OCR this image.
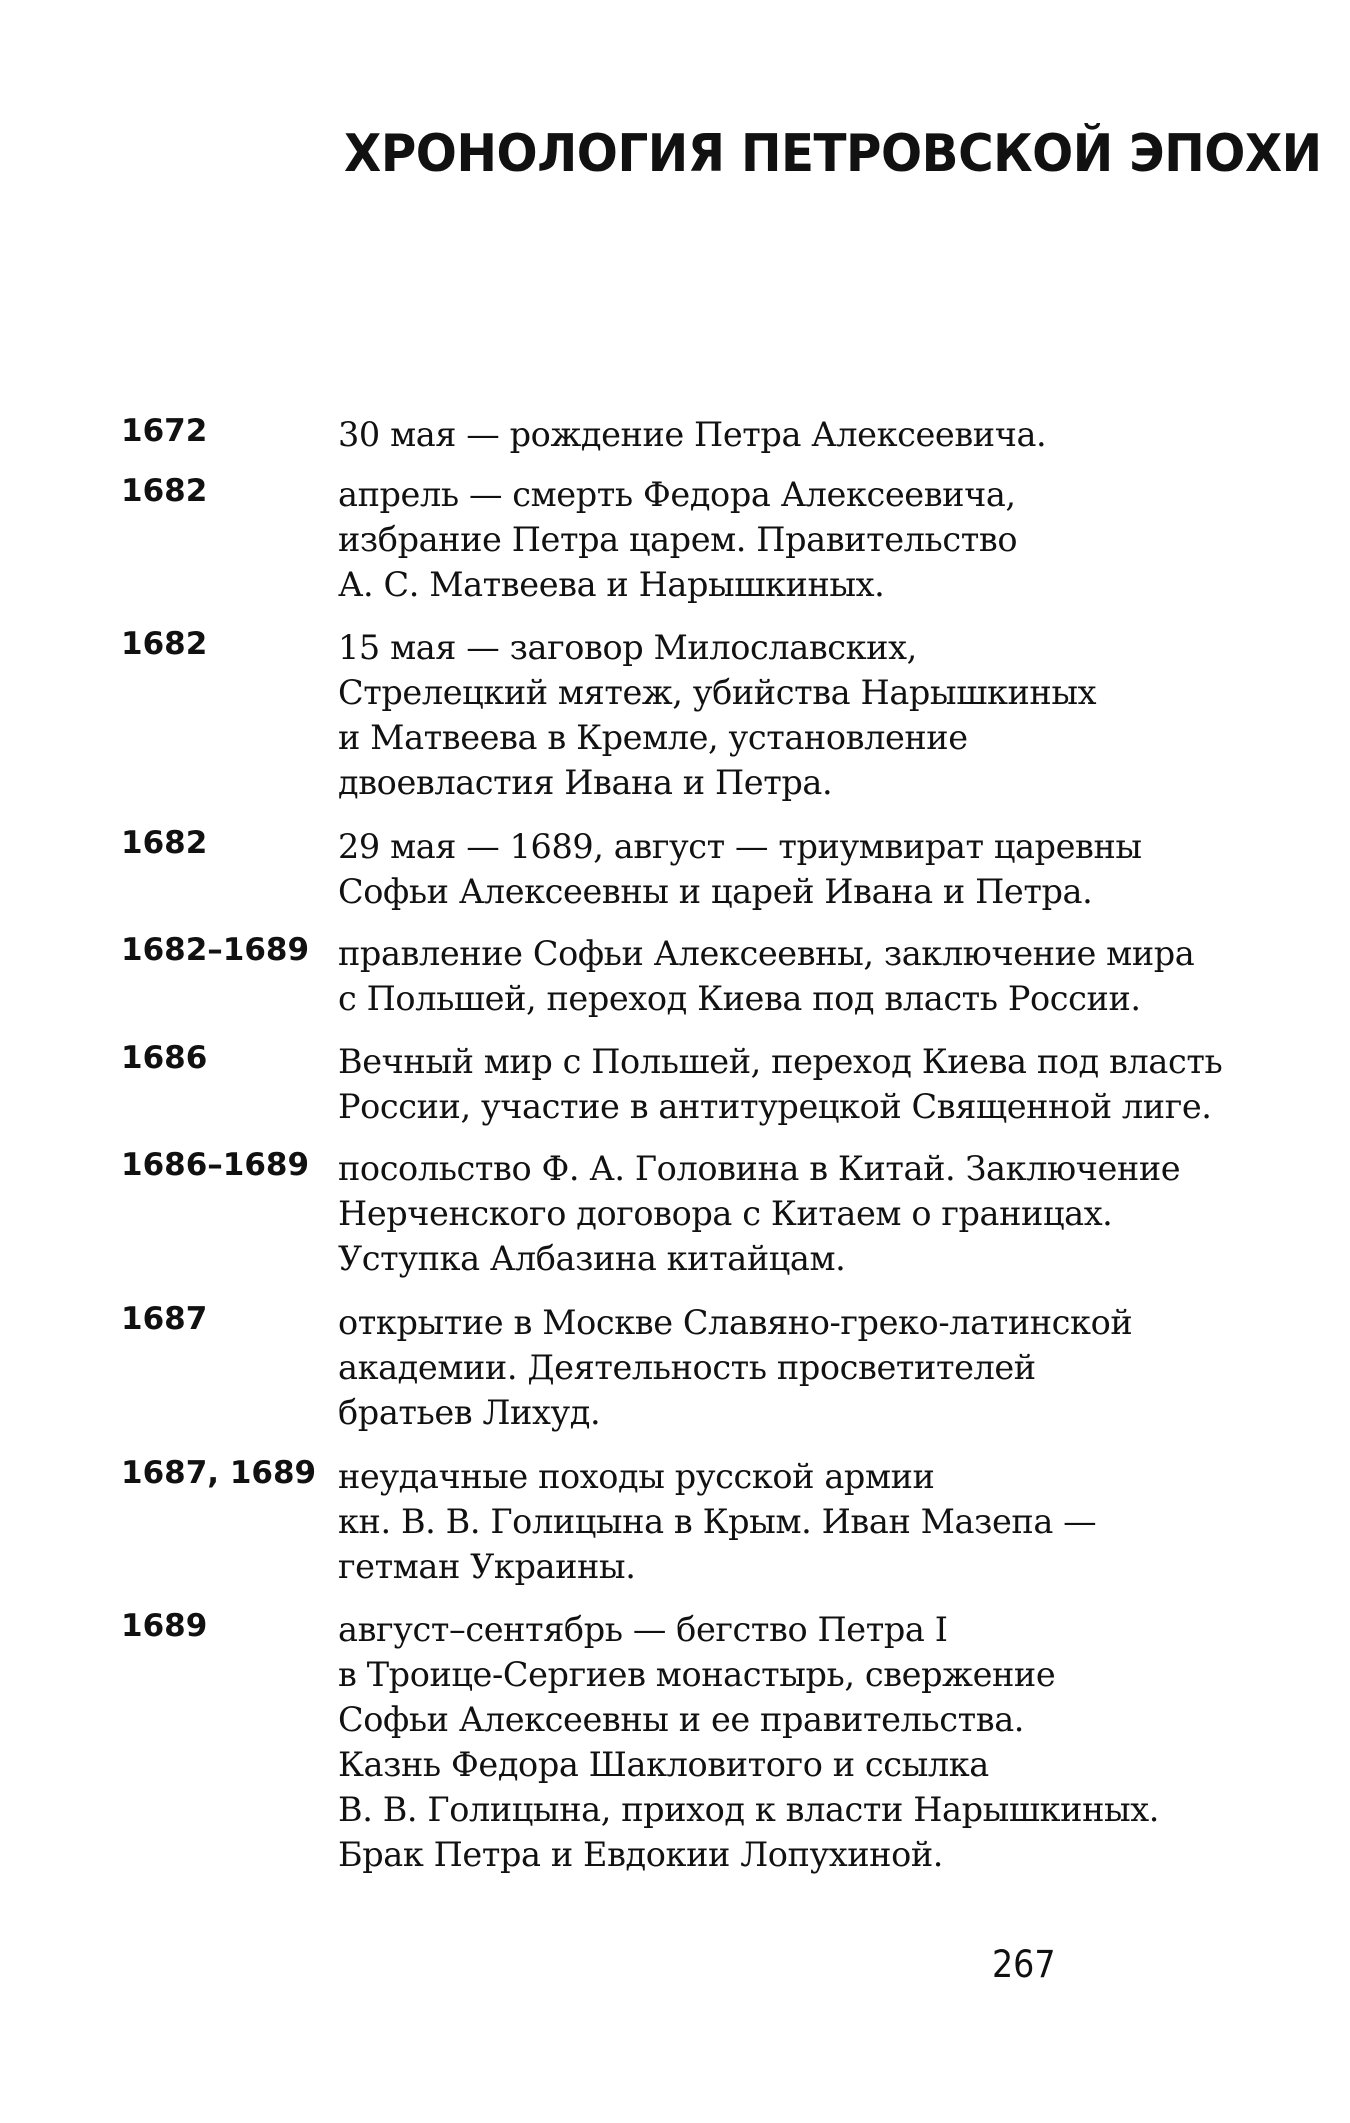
ХРОНОЛОГИЯ ПЕТРОВСКОЙ ЭПОХИ
1672	30 мая — рождение Петра Алексеевича.

1682	апрель — смерть Федора Алексеевича,
избрание Петра царем. Правительство
А. С. Матвеева и Нарышкиных.

1682	15 мая — заговор Милославских,
Стрелецкий мятеж, убийства Нарышкиных
и Матвеева в Кремле, установление
двоевластия Ивана и Петра.

1682	29 мая — 1689, август — триумвират царевны
Софьи Алексеевны и царей Ивана и Петра.

1682–1689 правление Софьи Алексеевны, заключение мира
с Польшей, переход Киева под власть России.

1686	Вечный мир с Польшей, переход Киева под власть
России, участие в антитурецкой Священной лиге.

1686–1689 посольство Ф. А. Головина в Китай. Заключение
Нерченского договора с Китаем о границах.
Уступка Албазина китайцам.

1687	открытие в Москве Славяно-греко-латинской
академии. Деятельность просветителей
братьев Лихуд.

1687, 1689 неудачные походы русской армии
кн. В. В. Голицына в Крым. Иван Мазепа —
гетман Украины.

1689	август–сентябрь — бегство Петра I
в Троице-Сергиев монастырь, свержение
Софьи Алексеевны и ее правительства.
Казнь Федора Шакловитого и ссылка
В. В. Голицына, приход к власти Нарышкиных.
Брак Петра и Евдокии Лопухиной.

267
